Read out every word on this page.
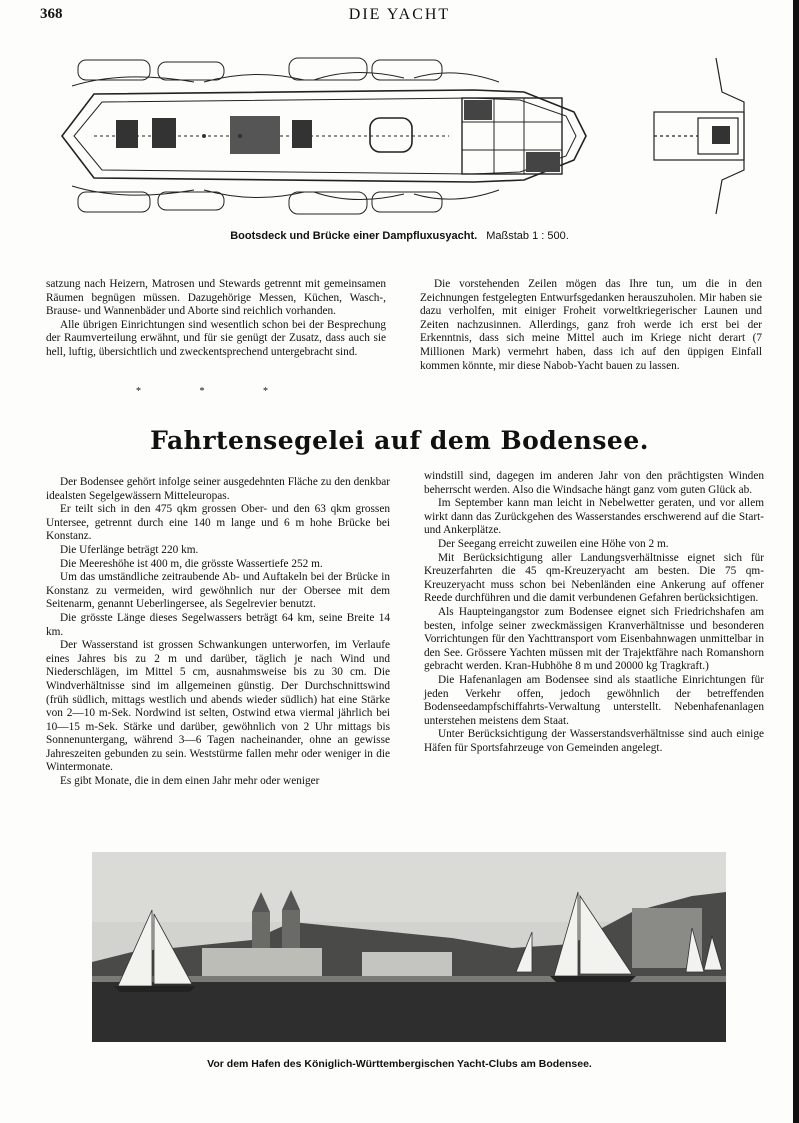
368	DIE YACHT
Bootsdeck und Brücke einer Dampfluxusyacht. Maßstab 1 : 500.

satzung nach Heizern, Matrosen und Stewards getrennt mit gemeinsamen Räumen begnügen müssen. Dazugehörige Messen, Küchen, Wasch-, Brause- und Wannenbäder und Aborte sind reichlich vorhanden.

Alle übrigen Einrichtungen sind wesentlich schon bei der Besprechung der Raumverteilung erwähnt, und für sie genügt der Zusatz, dass auch sie hell, luftig, übersichtlich und zweckentsprechend untergebracht sind.

* * *

Die vorstehenden Zeilen mögen das Ihre tun, um die in den Zeichnungen festgelegten Entwurfsgedanken herauszuholen. Mir haben sie dazu verholfen, mit einiger Froheit vorweltkriegerischer Launen und Zeiten nachzusinnen. Allerdings, ganz froh werde ich erst bei der Erkenntnis, dass sich meine Mittel auch im Kriege nicht derart (7 Millionen Mark) vermehrt haben, dass ich auf den üppigen Einfall kommen könnte, mir diese Nabob-Yacht bauen zu lassen.

Fahrtensegelei auf dem Bodensee.

Der Bodensee gehört infolge seiner ausgedehnten Fläche zu den denkbar idealsten Segelgewässern Mitteleuropas.

Er teilt sich in den 475 qkm grossen Ober- und den 63 qkm grossen Untersee, getrennt durch eine 140 m lange und 6 m hohe Brücke bei Konstanz.

Die Uferlänge beträgt 220 km.

Die Meereshöhe ist 400 m, die grösste Wassertiefe 252 m.

Um das umständliche zeitraubende Ab- und Auftakeln bei der Brücke in Konstanz zu vermeiden, wird gewöhnlich nur der Obersee mit dem Seitenarm, genannt Ueberlingersee, als Segelrevier benutzt.

Die grösste Länge dieses Segelwassers beträgt 64 km, seine Breite 14 km.

Der Wasserstand ist grossen Schwankungen unterworfen, im Verlaufe eines Jahres bis zu 2 m und darüber, täglich je nach Wind und Niederschlägen, im Mittel 5 cm, ausnahmsweise bis zu 30 cm. Die Windverhältnisse sind im allgemeinen günstig. Der Durchschnittswind (früh südlich, mittags westlich und abends wieder südlich) hat eine Stärke von 2—10 m-Sek. Nordwind ist selten, Ostwind etwa viermal jährlich bei 10—15 m-Sek. Stärke und darüber, gewöhnlich von 2 Uhr mittags bis Sonnenuntergang, während 3—6 Tagen nacheinander, ohne an gewisse Jahreszeiten gebunden zu sein. Weststürme fallen mehr oder weniger in die Wintermonate.

Es gibt Monate, die in dem einen Jahr mehr oder weniger

windstill sind, dagegen im anderen Jahr von den prächtigsten Winden beherrscht werden. Also die Windsache hängt ganz vom guten Glück ab.

Im September kann man leicht in Nebelwetter geraten, und vor allem wirkt dann das Zurückgehen des Wasserstandes erschwerend auf die Start- und Ankerplätze.

Der Seegang erreicht zuweilen eine Höhe von 2 m.

Mit Berücksichtigung aller Landungsverhältnisse eignet sich für Kreuzerfahrten die 45 qm-Kreuzeryacht am besten. Die 75 qm-Kreuzeryacht muss schon bei Nebenländen eine Ankerung auf offener Reede durchführen und die damit verbundenen Gefahren berücksichtigen.

Als Haupteingangstor zum Bodensee eignet sich Friedrichshafen am besten, infolge seiner zweckmässigen Kranverhältnisse und besonderen Vorrichtungen für den Yachttransport vom Eisenbahnwagen unmittelbar in den See. Grössere Yachten müssen mit der Trajektfähre nach Romanshorn gebracht werden. Kran-Hubhöhe 8 m und 20000 kg Tragkraft.)

Die Hafenanlagen am Bodensee sind als staatliche Einrichtungen für jeden Verkehr offen, jedoch gewöhnlich der betreffenden Bodenseedampfschiffahrts-Verwaltung unterstellt. Nebenhafenanlagen unterstehen meistens dem Staat.

Unter Berücksichtigung der Wasserstandsverhältnisse sind auch einige Häfen für Sportsfahrzeuge von Gemeinden angelegt.

Vor dem Hafen des Königlich-Württembergischen Yacht-Clubs am Bodensee.
